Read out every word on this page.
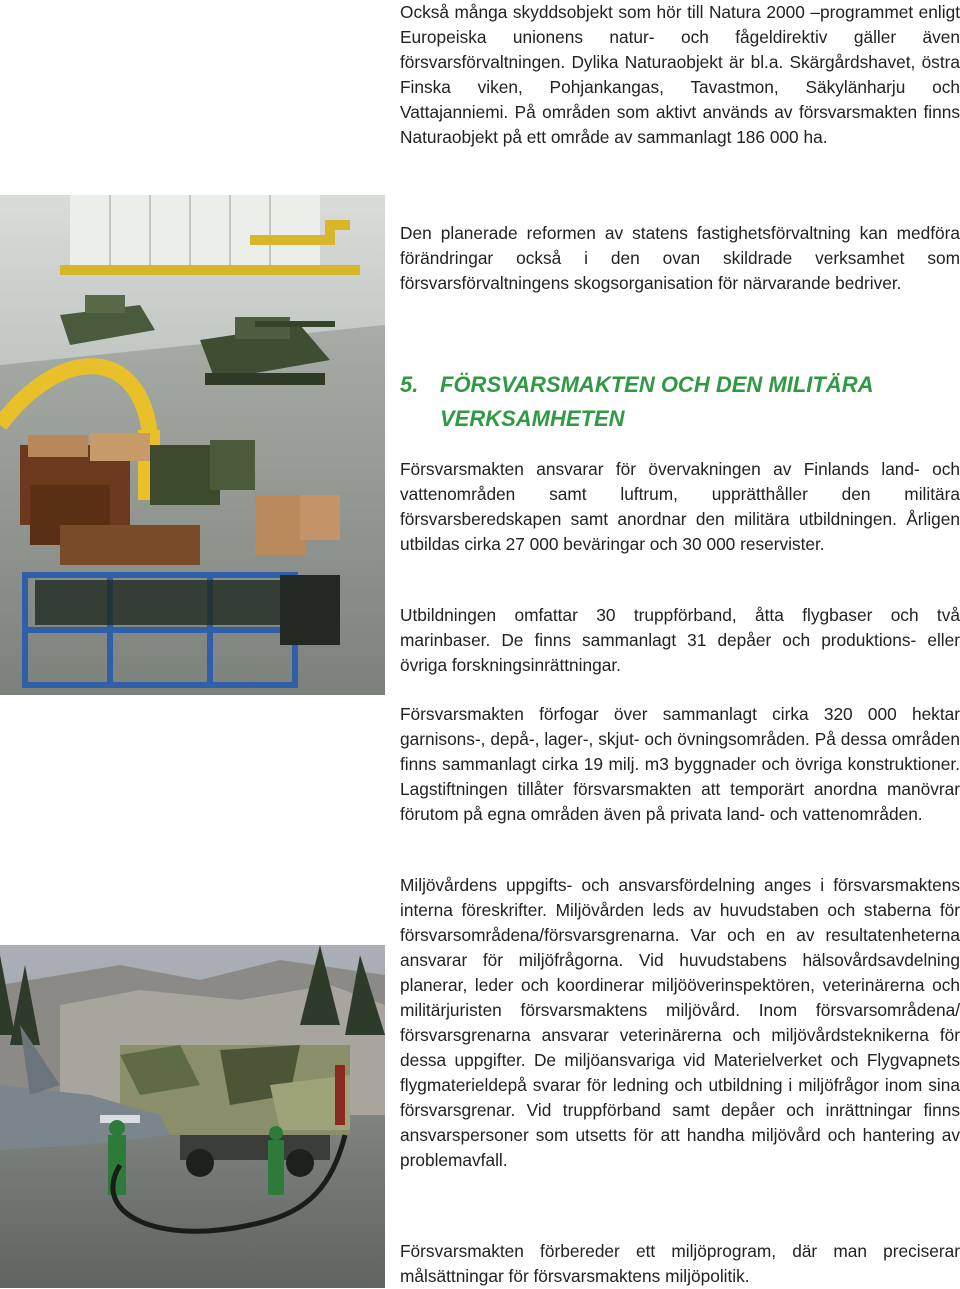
Också många skyddsobjekt som hör till Natura 2000 –programmet enligt Europeiska unionens natur- och fågeldirektiv gäller även försvarsförvaltningen. Dylika Naturaobjekt är bl.a. Skärgårdshavet, östra Finska viken, Pohjankangas, Tavastmon, Säkylänharju och Vattajanniemi. På områden som aktivt används av försvarsmakten finns Naturaobjekt på ett område av sammanlagt 186 000 ha.

Den planerade reformen av statens fastighetsförvaltning kan medföra förändringar också i den ovan skildrade verksamhet som försvarsförvaltningens skogsorganisation för närvarande bedriver.

5. FÖRSVARSMAKTEN OCH DEN MILITÄRA
VERKSAMHETEN

Försvarsmakten ansvarar för övervakningen av Finlands land- och vattenområden samt luftrum, upprätthåller den militära försvarsberedskapen samt anordnar den militära utbildningen. Årligen utbildas cirka 27 000 beväringar och 30 000 reservister.

Utbildningen omfattar 30 truppförband, åtta flygbaser och två marinbaser. De finns sammanlagt 31 depåer och produktions- eller övriga forskningsinrättningar.

Försvarsmakten förfogar över sammanlagt cirka 320 000 hektar garnisons-, depå-, lager-, skjut- och övningsområden. På dessa områden finns sammanlagt cirka 19 milj. m3 byggnader och övriga konstruktioner. Lagstiftningen tillåter försvarsmakten att temporärt anordna manövrar förutom på egna områden även på privata land- och vattenområden.

Miljövårdens uppgifts- och ansvarsfördelning anges i försvarsmaktens interna föreskrifter. Miljövården leds av huvudstaben och staberna för försvarsområdena/försvarsgrenarna. Var och en av resultatenheterna ansvarar för miljöfrågorna. Vid huvudstabens hälsovårdsavdelning planerar, leder och koordinerar miljööverinspektören, veterinärerna och militärjuristen försvarsmaktens miljövård. Inom försvarsområdena/ försvarsgrenarna ansvarar veterinärerna och miljövårdsteknikerna för dessa uppgifter. De miljöansvariga vid Materielverket och Flygvapnets flygmaterieldepå svarar för ledning och utbildning i miljöfrågor inom sina försvarsgrenar. Vid truppförband samt depåer och inrättningar finns ansvarspersoner som utsetts för att handha miljövård och hantering av problemavfall.

Försvarsmakten förbereder ett miljöprogram, där man preciserar målsättningar för försvarsmaktens miljöpolitik.
